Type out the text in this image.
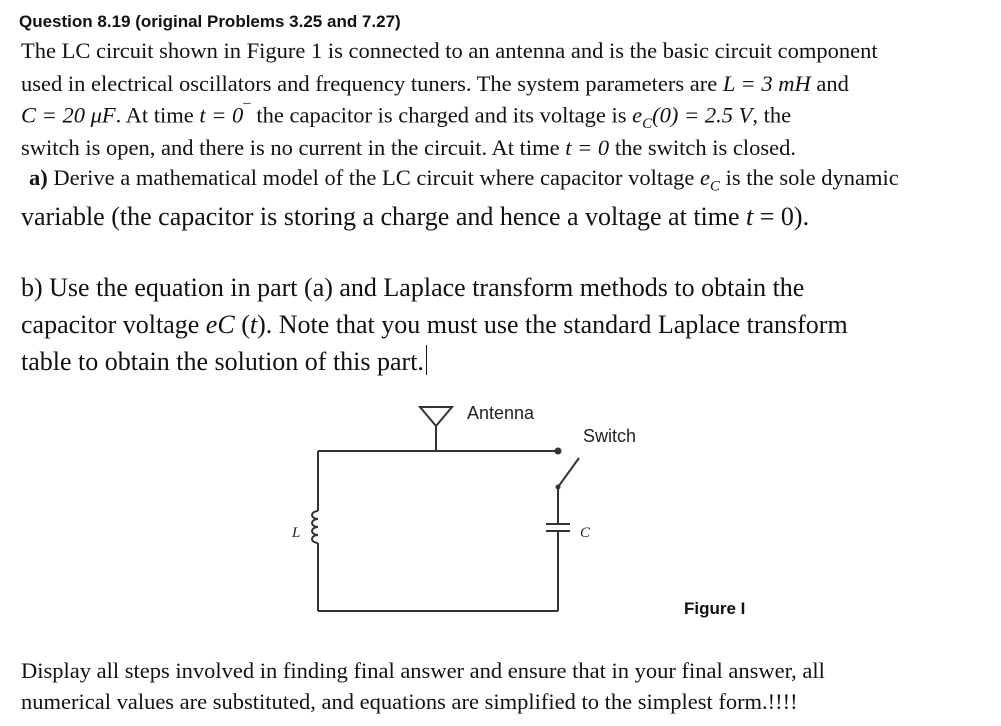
Question 8.19 (original Problems 3.25 and 7.27)
The LC circuit shown in Figure 1 is connected to an antenna and is the basic circuit component
used in electrical oscillators and frequency tuners. The system parameters are L = 3 mH and
C = 20 μF. At time t = 0¯ the capacitor is charged and its voltage is $e_C(0) = 2.5$ V, the
switch is open, and there is no current in the circuit. At time t = 0 the switch is closed.
a) Derive a mathematical model of the LC circuit where capacitor voltage $e_C$ is the sole dynamic
variable (the capacitor is storing a charge and hence a voltage at time t = 0).
b) Use the equation in part (a) and Laplace transform methods to obtain the
capacitor voltage eC (t). Note that you must use the standard Laplace transform
table to obtain the solution of this part.
Antenna
Switch
C
L
Figure I
Display all steps involved in finding final answer and ensure that in your final answer, all
numerical values are substituted, and equations are simplified to the simplest form.!!!!
